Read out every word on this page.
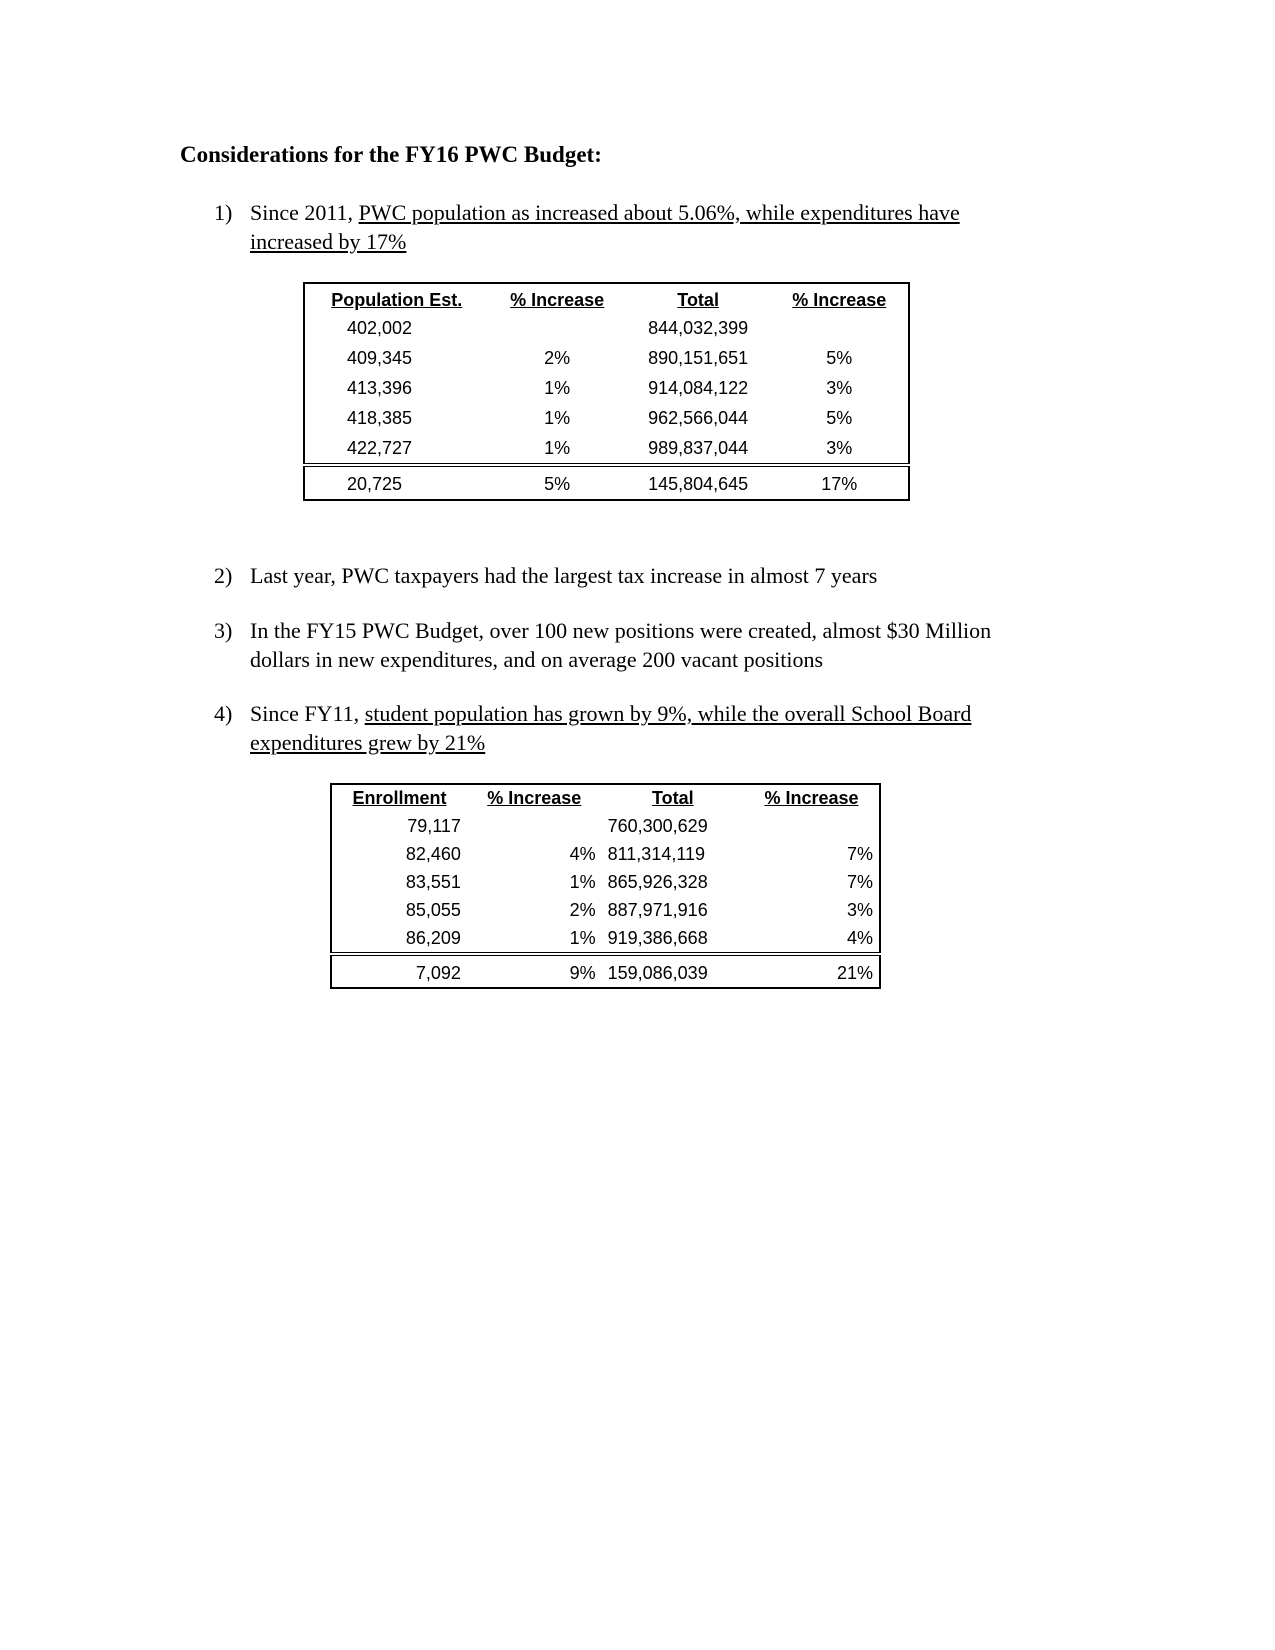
Considerations for the FY16 PWC Budget:
1) Since 2011, PWC population as increased about 5.06%, while expenditures have increased by 17%
Population Est.	% Increase	Total	% Increase
402,002		844,032,399	
409,345	2%	890,151,651	5%
413,396	1%	914,084,122	3%
418,385	1%	962,566,044	5%
422,727	1%	989,837,044	3%
20,725	5%	145,804,645	17%
2) Last year, PWC taxpayers had the largest tax increase in almost 7 years
3) In the FY15 PWC Budget, over 100 new positions were created, almost $30 Million dollars in new expenditures, and on average 200 vacant positions
4) Since FY11, student population has grown by 9%, while the overall School Board expenditures grew by 21%
Enrollment	% Increase	Total	% Increase
79,117		760,300,629	
82,460	4%	811,314,119	7%
83,551	1%	865,926,328	7%
85,055	2%	887,971,916	3%
86,209	1%	919,386,668	4%
7,092	9%	159,086,039	21%
